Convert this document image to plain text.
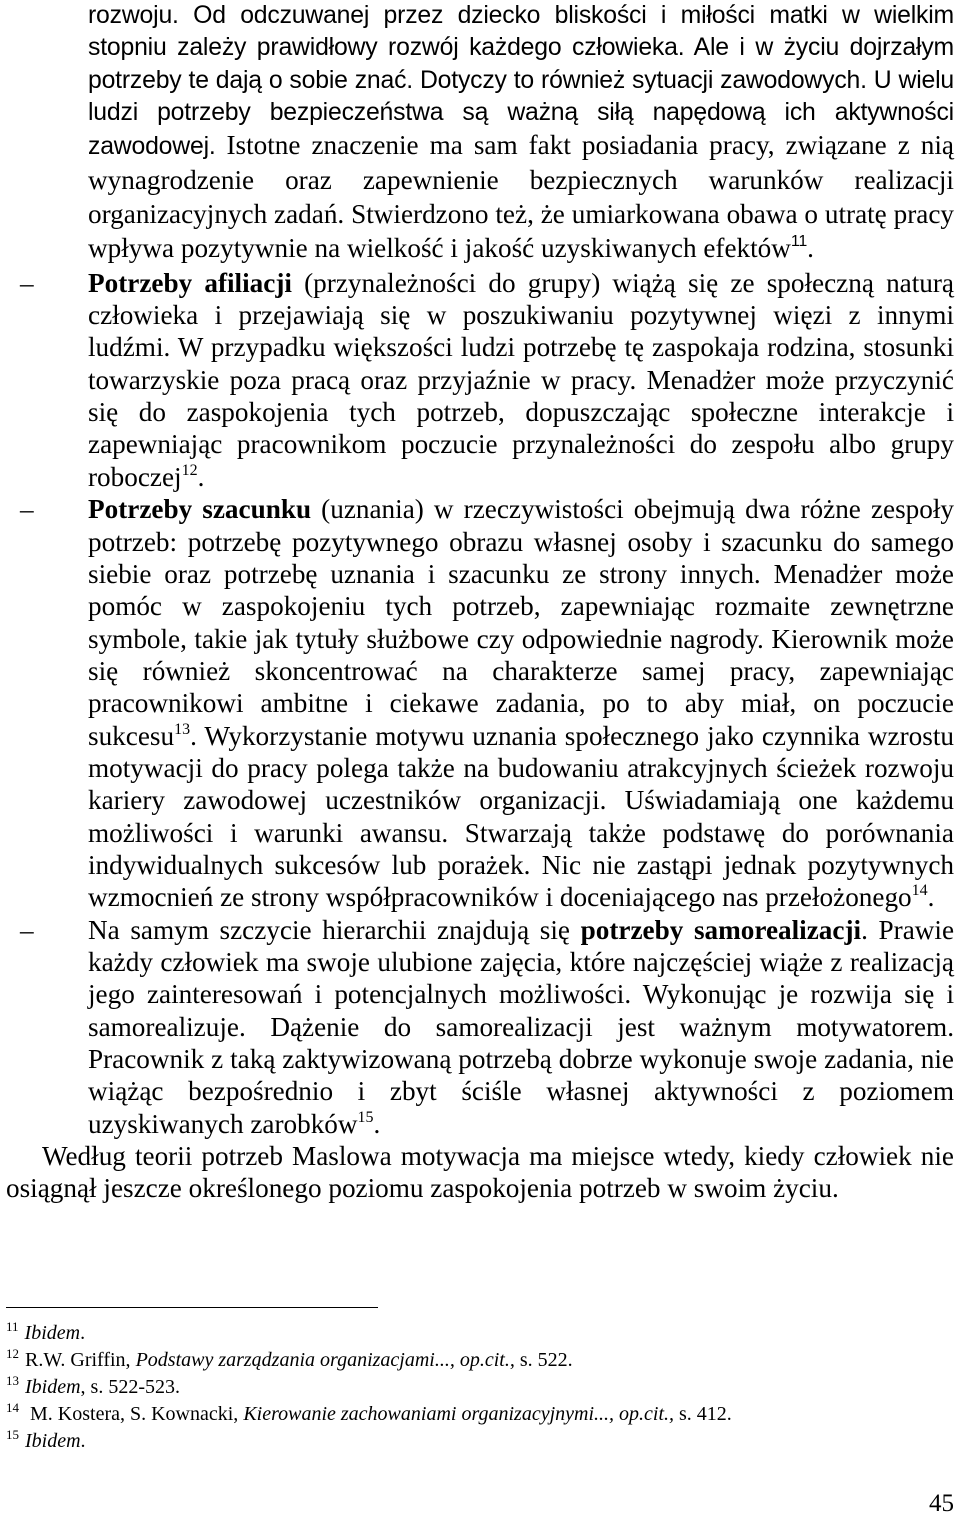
rozwoju. Od odczuwanej przez dziecko bliskości i miłości matki w wielkim stopniu zależy prawidłowy rozwój każdego człowieka. Ale i w życiu dojrzałym potrzeby te dają o sobie znać. Dotyczy to również sytuacji zawodowych. U wielu ludzi potrzeby bezpieczeństwa są ważną siłą napędową ich aktywności zawodowej. Istotne znaczenie ma sam fakt posiadania pracy, związane z nią wynagrodzenie oraz zapewnienie bezpiecznych warunków realizacji organizacyjnych zadań. Stwierdzono też, że umiarkowana obawa o utratę pracy wpływa pozytywnie na wielkość i jakość uzyskiwanych efektów$^{11}$.

– Potrzeby afiliacji (przynależności do grupy) wiążą się ze społeczną naturą człowieka i przejawiają się w poszukiwaniu pozytywnej więzi z innymi ludźmi. W przypadku większości ludzi potrzebę tę zaspokaja rodzina, stosunki towarzyskie poza pracą oraz przyjaźnie w pracy. Menadżer może przyczynić się do zaspokojenia tych potrzeb, dopuszczając społeczne interakcje i zapewniając pracownikom poczucie przynależności do zespołu albo grupy roboczej$^{12}$.

– Potrzeby szacunku (uznania) w rzeczywistości obejmują dwa różne zespoły potrzeb: potrzebę pozytywnego obrazu własnej osoby i szacunku do samego siebie oraz potrzebę uznania i szacunku ze strony innych. Menadżer może pomóc w zaspokojeniu tych potrzeb, zapewniając rozmaite zewnętrzne symbole, takie jak tytuły służbowe czy odpowiednie nagrody. Kierownik może się również skoncentrować na charakterze samej pracy, zapewniając pracownikowi ambitne i ciekawe zadania, po to aby miał, on poczucie sukcesu$^{13}$. Wykorzystanie motywu uznania społecznego jako czynnika wzrostu motywacji do pracy polega także na budowaniu atrakcyjnych ścieżek rozwoju kariery zawodowej uczestników organizacji. Uświadamiają one każdemu możliwości i warunki awansu. Stwarzają także podstawę do porównania indywidualnych sukcesów lub porażek. Nic nie zastąpi jednak pozytywnych wzmocnień ze strony współpracowników i doceniającego nas przełożonego$^{14}$.

– Na samym szczycie hierarchii znajdują się potrzeby samorealizacji. Prawie każdy człowiek ma swoje ulubione zajęcia, które najczęściej wiąże z realizacją jego zainteresowań i potencjalnych możliwości. Wykonując je rozwija się i samorealizuje. Dążenie do samorealizacji jest ważnym motywatorem. Pracownik z taką zaktywizowaną potrzebą dobrze wykonuje swoje zadania, nie wiążąc bezpośrednio i zbyt ściśle własnej aktywności z poziomem uzyskiwanych zarobków$^{15}$.

Według teorii potrzeb Maslowa motywacja ma miejsce wtedy, kiedy człowiek nie osiągnął jeszcze określonego poziomu zaspokojenia potrzeb w swoim życiu.

$^{11}$ Ibidem.

$^{12}$ R.W. Griffin, Podstawy zarządzania organizacjami..., op.cit., s. 522.

$^{13}$ Ibidem, s. 522-523.

$^{14}$ M. Kostera, S. Kownacki, Kierowanie zachowaniami organizacyjnymi..., op.cit., s. 412.

$^{15}$ Ibidem.

45
